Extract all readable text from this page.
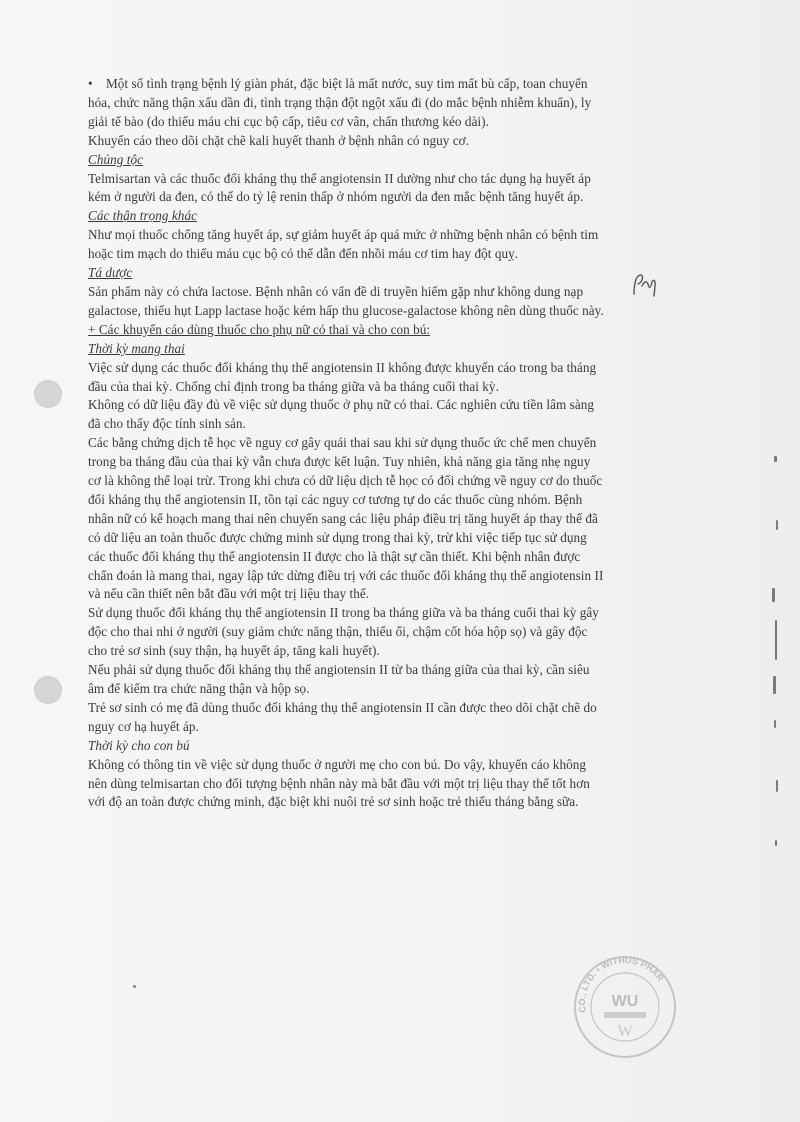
• Một số tình trạng bệnh lý giàn phát, đặc biệt là mất nước, suy tim mất bù cấp, toan chuyển
hóa, chức năng thận xấu dần đi, tình trạng thận đột ngột xấu đi (do mắc bệnh nhiễm khuẩn), ly
giải tế bào (do thiếu máu chi cục bộ cấp, tiêu cơ vân, chấn thương kéo dài).
Khuyến cáo theo dõi chặt chẽ kali huyết thanh ở bệnh nhân có nguy cơ.
Chủng tộc
Telmisartan và các thuốc đối kháng thụ thể angiotensin II dường như cho tác dụng hạ huyết áp
kém ở người da đen, có thể do tỷ lệ renin thấp ở nhóm người da đen mắc bệnh tăng huyết áp.
Các thận trọng khác
Như mọi thuốc chống tăng huyết áp, sự giảm huyết áp quá mức ở những bệnh nhân có bệnh tim
hoặc tim mạch do thiếu máu cục bộ có thể dẫn đến nhồi máu cơ tim hay đột quỵ.
Tá dược
Sản phẩm này có chứa lactose. Bệnh nhân có vấn đề di truyền hiếm gặp như không dung nạp
galactose, thiếu hụt Lapp lactase hoặc kém hấp thu glucose-galactose không nên dùng thuốc này.
+ Các khuyến cáo dùng thuốc cho phụ nữ có thai và cho con bú:
Thời kỳ mang thai
Việc sử dụng các thuốc đối kháng thụ thể angiotensin II không được khuyến cáo trong ba tháng
đầu của thai kỳ. Chống chỉ định trong ba tháng giữa và ba tháng cuối thai kỳ.
Không có dữ liệu đầy đủ về việc sử dụng thuốc ở phụ nữ có thai. Các nghiên cứu tiền lâm sàng
đã cho thấy độc tính sinh sản.
Các bằng chứng dịch tễ học về nguy cơ gây quái thai sau khi sử dụng thuốc ức chế men chuyển
trong ba tháng đầu của thai kỳ vẫn chưa được kết luận. Tuy nhiên, khả năng gia tăng nhẹ nguy
cơ là không thể loại trừ. Trong khi chưa có dữ liệu dịch tễ học có đối chứng về nguy cơ do thuốc
đối kháng thụ thể angiotensin II, tồn tại các nguy cơ tương tự do các thuốc cùng nhóm. Bệnh
nhân nữ có kế hoạch mang thai nên chuyển sang các liệu pháp điều trị tăng huyết áp thay thế đã
có dữ liệu an toàn thuốc được chứng minh sử dụng trong thai kỳ, trừ khi việc tiếp tục sử dụng
các thuốc đối kháng thụ thể angiotensin II được cho là thật sự cần thiết. Khi bệnh nhân được
chẩn đoán là mang thai, ngay lập tức dừng điều trị với các thuốc đối kháng thụ thể angiotensin II
và nếu cần thiết nên bắt đầu với một trị liệu thay thế.
Sử dụng thuốc đối kháng thụ thể angiotensin II trong ba tháng giữa và ba tháng cuối thai kỳ gây
độc cho thai nhi ở người (suy giảm chức năng thận, thiểu ối, chậm cốt hóa hộp sọ) và gây độc
cho trẻ sơ sinh (suy thận, hạ huyết áp, tăng kali huyết).
Nếu phải sử dụng thuốc đối kháng thụ thể angiotensin II từ ba tháng giữa của thai kỳ, cần siêu
âm để kiểm tra chức năng thận và hộp sọ.
Trẻ sơ sinh có mẹ đã dùng thuốc đối kháng thụ thể angiotensin II cần được theo dõi chặt chẽ do
nguy cơ hạ huyết áp.
Thời kỳ cho con bú
Không có thông tin về việc sử dụng thuốc ở người mẹ cho con bú. Do vậy, khuyến cáo không
nên dùng telmisartan cho đối tượng bệnh nhân này mà bắt đầu với một trị liệu thay thế tốt hơn
với độ an toàn được chứng minh, đặc biệt khi nuôi trẻ sơ sinh hoặc trẻ thiếu tháng bằng sữa.
CO., LTD. • WITHUS PHAR
WU
W
